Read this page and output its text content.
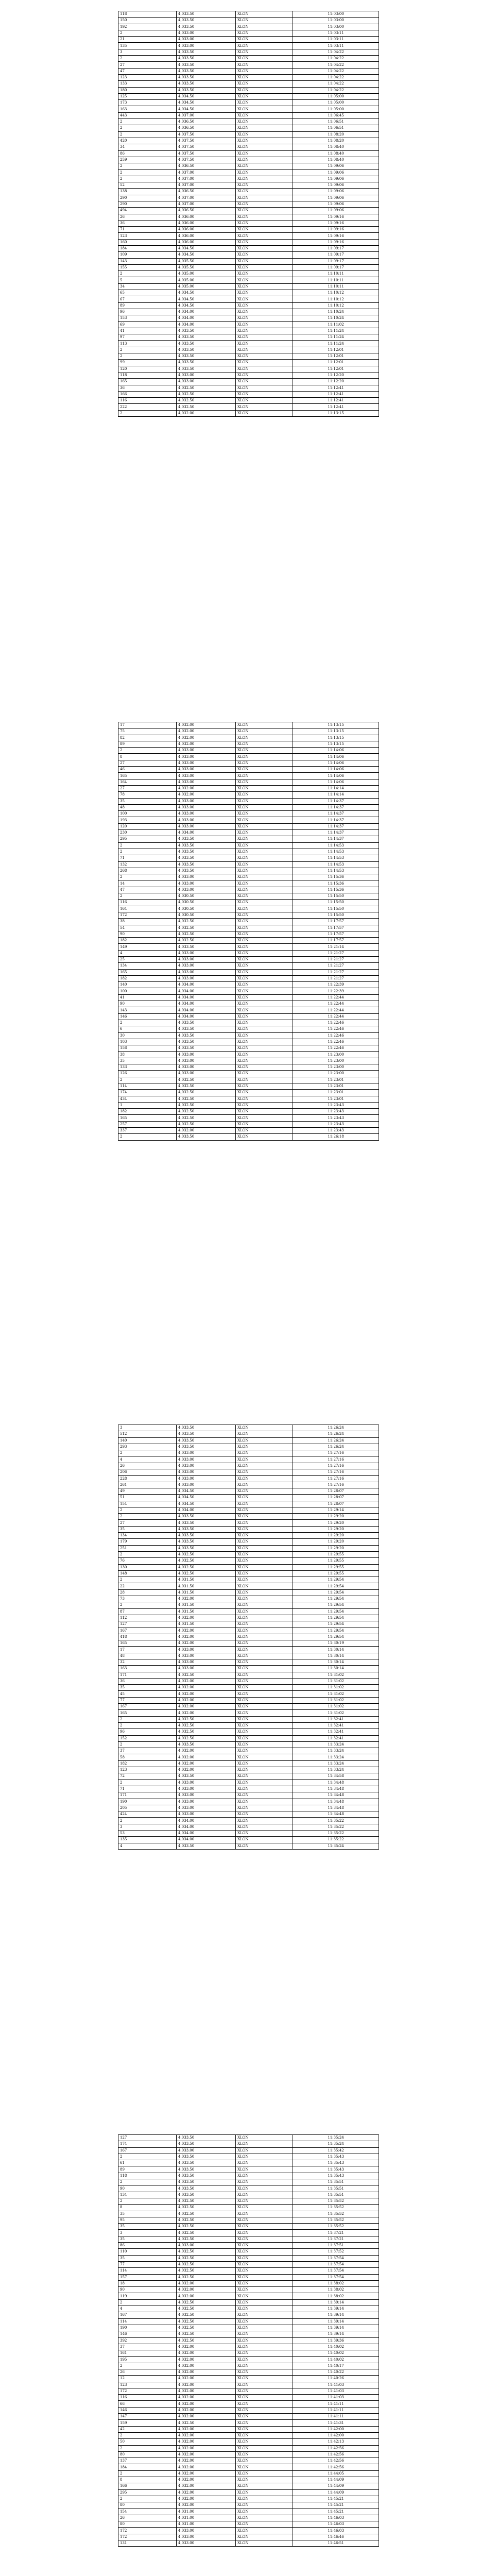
118	4,033.50	XLON	11:03:00
150	4,033.50	XLON	11:03:00
192	4,033.50	XLON	11:03:00
2	4,033.00	XLON	11:03:11
21	4,033.00	XLON	11:03:11
135	4,033.00	XLON	11:03:11
3	4,033.50	XLON	11:04:22
2	4,033.50	XLON	11:04:22
27	4,033.50	XLON	11:04:22
47	4,033.50	XLON	11:04:22
123	4,033.50	XLON	11:04:22
133	4,033.50	XLON	11:04:22
180	4,033.50	XLON	11:04:22
125	4,034.50	XLON	11:05:00
173	4,034.50	XLON	11:05:00
163	4,034.50	XLON	11:05:00
443	4,037.00	XLON	11:06:45
2	4,036.50	XLON	11:06:51
2	4,036.50	XLON	11:06:51
2	4,037.50	XLON	11:08:20
420	4,037.50	XLON	11:08:20
34	4,037.50	XLON	11:08:40
86	4,037.50	XLON	11:08:40
259	4,037.50	XLON	11:08:40
2	4,036.50	XLON	11:09:06
2	4,037.00	XLON	11:09:06
2	4,037.00	XLON	11:09:06
52	4,037.00	XLON	11:09:06
138	4,036.50	XLON	11:09:06
290	4,037.00	XLON	11:09:06
290	4,037.00	XLON	11:09:06
494	4,036.50	XLON	11:09:06
26	4,036.00	XLON	11:09:16
36	4,036.00	XLON	11:09:16
71	4,036.00	XLON	11:09:16
123	4,036.00	XLON	11:09:16
160	4,036.00	XLON	11:09:16
184	4,034.50	XLON	11:09:17
109	4,034.50	XLON	11:09:17
143	4,035.50	XLON	11:09:17
155	4,035.50	XLON	11:09:17
2	4,035.00	XLON	11:10:11
5	4,035.00	XLON	11:10:11
34	4,035.00	XLON	11:10:11
65	4,034.50	XLON	11:10:12
67	4,034.50	XLON	11:10:12
89	4,034.50	XLON	11:10:12
96	4,034.00	XLON	11:10:24
153	4,034.00	XLON	11:10:24
69	4,034.00	XLON	11:11:02
41	4,033.50	XLON	11:11:24
97	4,033.50	XLON	11:11:24
113	4,033.50	XLON	11:11:24
2	4,033.50	XLON	11:12:01
2	4,033.50	XLON	11:12:01
99	4,033.50	XLON	11:12:01
120	4,033.50	XLON	11:12:01
118	4,033.00	XLON	11:12:20
165	4,033.00	XLON	11:12:20
36	4,032.50	XLON	11:12:41
166	4,032.50	XLON	11:12:41
116	4,032.50	XLON	11:12:41
222	4,032.50	XLON	11:12:41
2	4,032.00	XLON	11:13:15
17	4,032.00	XLON	11:13:15
75	4,032.00	XLON	11:13:15
82	4,032.00	XLON	11:13:15
89	4,032.00	XLON	11:13:15
2	4,033.00	XLON	11:14:06
8	4,033.00	XLON	11:14:06
27	4,033.00	XLON	11:14:06
46	4,033.00	XLON	11:14:06
165	4,033.00	XLON	11:14:06
164	4,033.00	XLON	11:14:06
27	4,032.00	XLON	11:14:14
78	4,032.00	XLON	11:14:14
35	4,033.00	XLON	11:14:37
48	4,033.00	XLON	11:14:37
100	4,033.00	XLON	11:14:37
193	4,033.00	XLON	11:14:37
120	4,033.00	XLON	11:14:37
230	4,034.00	XLON	11:14:37
295	4,033.50	XLON	11:14:37
2	4,033.50	XLON	11:14:53
2	4,033.50	XLON	11:14:53
71	4,033.50	XLON	11:14:53
132	4,033.50	XLON	11:14:53
268	4,033.50	XLON	11:14:53
2	4,033.00	XLON	11:15:36
14	4,033.00	XLON	11:15:36
47	4,033.00	XLON	11:15:36
2	4,030.50	XLON	11:15:50
116	4,030.50	XLON	11:15:50
164	4,030.50	XLON	11:15:50
172	4,030.50	XLON	11:15:50
38	4,032.50	XLON	11:17:57
54	4,032.50	XLON	11:17:57
90	4,032.50	XLON	11:17:57
182	4,032.50	XLON	11:17:57
149	4,033.50	XLON	11:21:14
4	4,033.00	XLON	11:21:27
25	4,033.00	XLON	11:21:27
134	4,033.00	XLON	11:21:27
165	4,033.00	XLON	11:21:27
182	4,033.00	XLON	11:21:27
140	4,034.00	XLON	11:22:39
100	4,034.00	XLON	11:22:39
41	4,034.00	XLON	11:22:44
90	4,034.00	XLON	11:22:44
143	4,034.00	XLON	11:22:44
146	4,034.00	XLON	11:22:44
2	4,033.50	XLON	11:22:46
6	4,033.50	XLON	11:22:46
30	4,033.50	XLON	11:22:46
103	4,033.50	XLON	11:22:46
158	4,033.50	XLON	11:22:46
38	4,033.00	XLON	11:23:00
35	4,033.00	XLON	11:23:00
133	4,033.00	XLON	11:23:00
126	4,033.00	XLON	11:23:00
2	4,032.50	XLON	11:23:01
114	4,032.50	XLON	11:23:01
174	4,032.50	XLON	11:23:01
434	4,032.50	XLON	11:23:01
1	4,032.50	XLON	11:23:43
182	4,032.50	XLON	11:23:43
165	4,032.50	XLON	11:23:43
257	4,032.50	XLON	11:23:43
337	4,032.00	XLON	11:23:43
2	4,033.50	XLON	11:26:18
3	4,033.50	XLON	11:26:24
512	4,033.50	XLON	11:26:24
140	4,033.50	XLON	11:26:24
293	4,033.50	XLON	11:26:24
2	4,033.00	XLON	11:27:16
4	4,033.00	XLON	11:27:16
26	4,033.00	XLON	11:27:16
206	4,033.00	XLON	11:27:16
228	4,033.00	XLON	11:27:16
261	4,033.00	XLON	11:27:16
49	4,034.50	XLON	11:28:07
51	4,034.50	XLON	11:28:07
154	4,034.50	XLON	11:28:07
2	4,034.00	XLON	11:29:14
2	4,033.50	XLON	11:29:20
27	4,033.50	XLON	11:29:20
35	4,033.50	XLON	11:29:20
134	4,033.50	XLON	11:29:20
179	4,033.50	XLON	11:29:20
251	4,033.50	XLON	11:29:20
2	4,032.50	XLON	11:29:55
76	4,032.50	XLON	11:29:55
130	4,032.50	XLON	11:29:55
148	4,032.50	XLON	11:29:55
2	4,031.50	XLON	11:29:54
22	4,031.50	XLON	11:29:54
28	4,031.50	XLON	11:29:54
73	4,032.00	XLON	11:29:54
2	4,031.50	XLON	11:29:54
87	4,031.50	XLON	11:29:54
112	4,032.00	XLON	11:29:54
127	4,031.50	XLON	11:29:54
167	4,032.00	XLON	11:29:54
418	4,032.00	XLON	11:29:54
165	4,032.00	XLON	11:30:19
17	4,033.00	XLON	11:30:14
48	4,033.00	XLON	11:30:14
32	4,033.00	XLON	11:30:14
163	4,033.00	XLON	11:30:14
171	4,032.50	XLON	11:31:02
36	4,032.00	XLON	11:31:02
35	4,032.00	XLON	11:31:02
45	4,032.00	XLON	11:31:02
77	4,032.00	XLON	11:31:02
167	4,032.00	XLON	11:31:02
165	4,032.00	XLON	11:31:02
2	4,032.50	XLON	11:32:41
2	4,032.50	XLON	11:32:41
96	4,032.50	XLON	11:32:41
152	4,032.50	XLON	11:32:41
2	4,033.50	XLON	11:33:24
37	4,032.00	XLON	11:33:24
58	4,032.00	XLON	11:33:24
182	4,032.00	XLON	11:33:24
123	4,032.00	XLON	11:33:24
72	4,033.50	XLON	11:34:58
2	4,033.00	XLON	11:34:48
71	4,033.00	XLON	11:34:48
171	4,033.00	XLON	11:34:48
190	4,033.00	XLON	11:34:48
205	4,033.00	XLON	11:34:48
424	4,033.00	XLON	11:34:48
2	4,034.00	XLON	11:35:22
3	4,034.00	XLON	11:35:22
53	4,034.00	XLON	11:35:22
135	4,034.00	XLON	11:35:22
4	4,033.50	XLON	11:35:24
127	4,033.50	XLON	11:35:24
174	4,033.50	XLON	11:35:24
167	4,033.00	XLON	11:35:42
2	4,033.50	XLON	11:35:43
61	4,033.50	XLON	11:35:43
89	4,033.50	XLON	11:35:43
118	4,033.50	XLON	11:35:43
2	4,033.50	XLON	11:35:51
90	4,033.50	XLON	11:35:51
134	4,033.50	XLON	11:35:51
2	4,032.50	XLON	11:35:52
8	4,032.50	XLON	11:35:52
35	4,032.50	XLON	11:35:52
95	4,032.50	XLON	11:35:52
35	4,032.50	XLON	11:35:52
3	4,032.50	XLON	11:37:21
35	4,032.50	XLON	11:37:21
86	4,033.00	XLON	11:37:51
110	4,032.50	XLON	11:37:52
35	4,032.50	XLON	11:37:54
77	4,032.50	XLON	11:37:54
114	4,032.50	XLON	11:37:54
157	4,032.50	XLON	11:37:54
18	4,032.00	XLON	11:38:02
90	4,032.00	XLON	11:38:02
119	4,032.00	XLON	11:38:02
2	4,032.50	XLON	11:39:14
4	4,032.50	XLON	11:39:14
167	4,032.50	XLON	11:39:14
114	4,032.50	XLON	11:39:14
190	4,032.50	XLON	11:39:14
146	4,032.50	XLON	11:39:14
392	4,032.50	XLON	11:39:36
37	4,032.00	XLON	11:40:02
161	4,032.00	XLON	11:40:02
195	4,032.00	XLON	11:40:02
2	4,032.00	XLON	11:40:17
26	4,032.00	XLON	11:40:22
12	4,032.00	XLON	11:40:26
123	4,032.00	XLON	11:41:03
172	4,032.00	XLON	11:41:03
116	4,032.00	XLON	11:41:03
66	4,032.00	XLON	11:41:11
146	4,032.00	XLON	11:41:11
147	4,032.00	XLON	11:41:11
159	4,032.50	XLON	11:41:31
42	4,032.00	XLON	11:42:00
2	4,032.00	XLON	11:42:00
50	4,032.00	XLON	11:42:13
2	4,032.00	XLON	11:42:56
80	4,032.00	XLON	11:42:56
137	4,032.00	XLON	11:42:56
184	4,032.00	XLON	11:42:56
2	4,032.00	XLON	11:44:05
8	4,032.00	XLON	11:44:09
166	4,032.00	XLON	11:44:09
295	4,032.00	XLON	11:44:09
2	4,032.00	XLON	11:45:21
80	4,032.00	XLON	11:45:21
154	4,031.00	XLON	11:45:21
26	4,031.00	XLON	11:46:03
80	4,031.00	XLON	11:46:03
172	4,033.00	XLON	11:46:03
172	4,033.00	XLON	11:46:46
131	4,033.00	XLON	11:46:51
